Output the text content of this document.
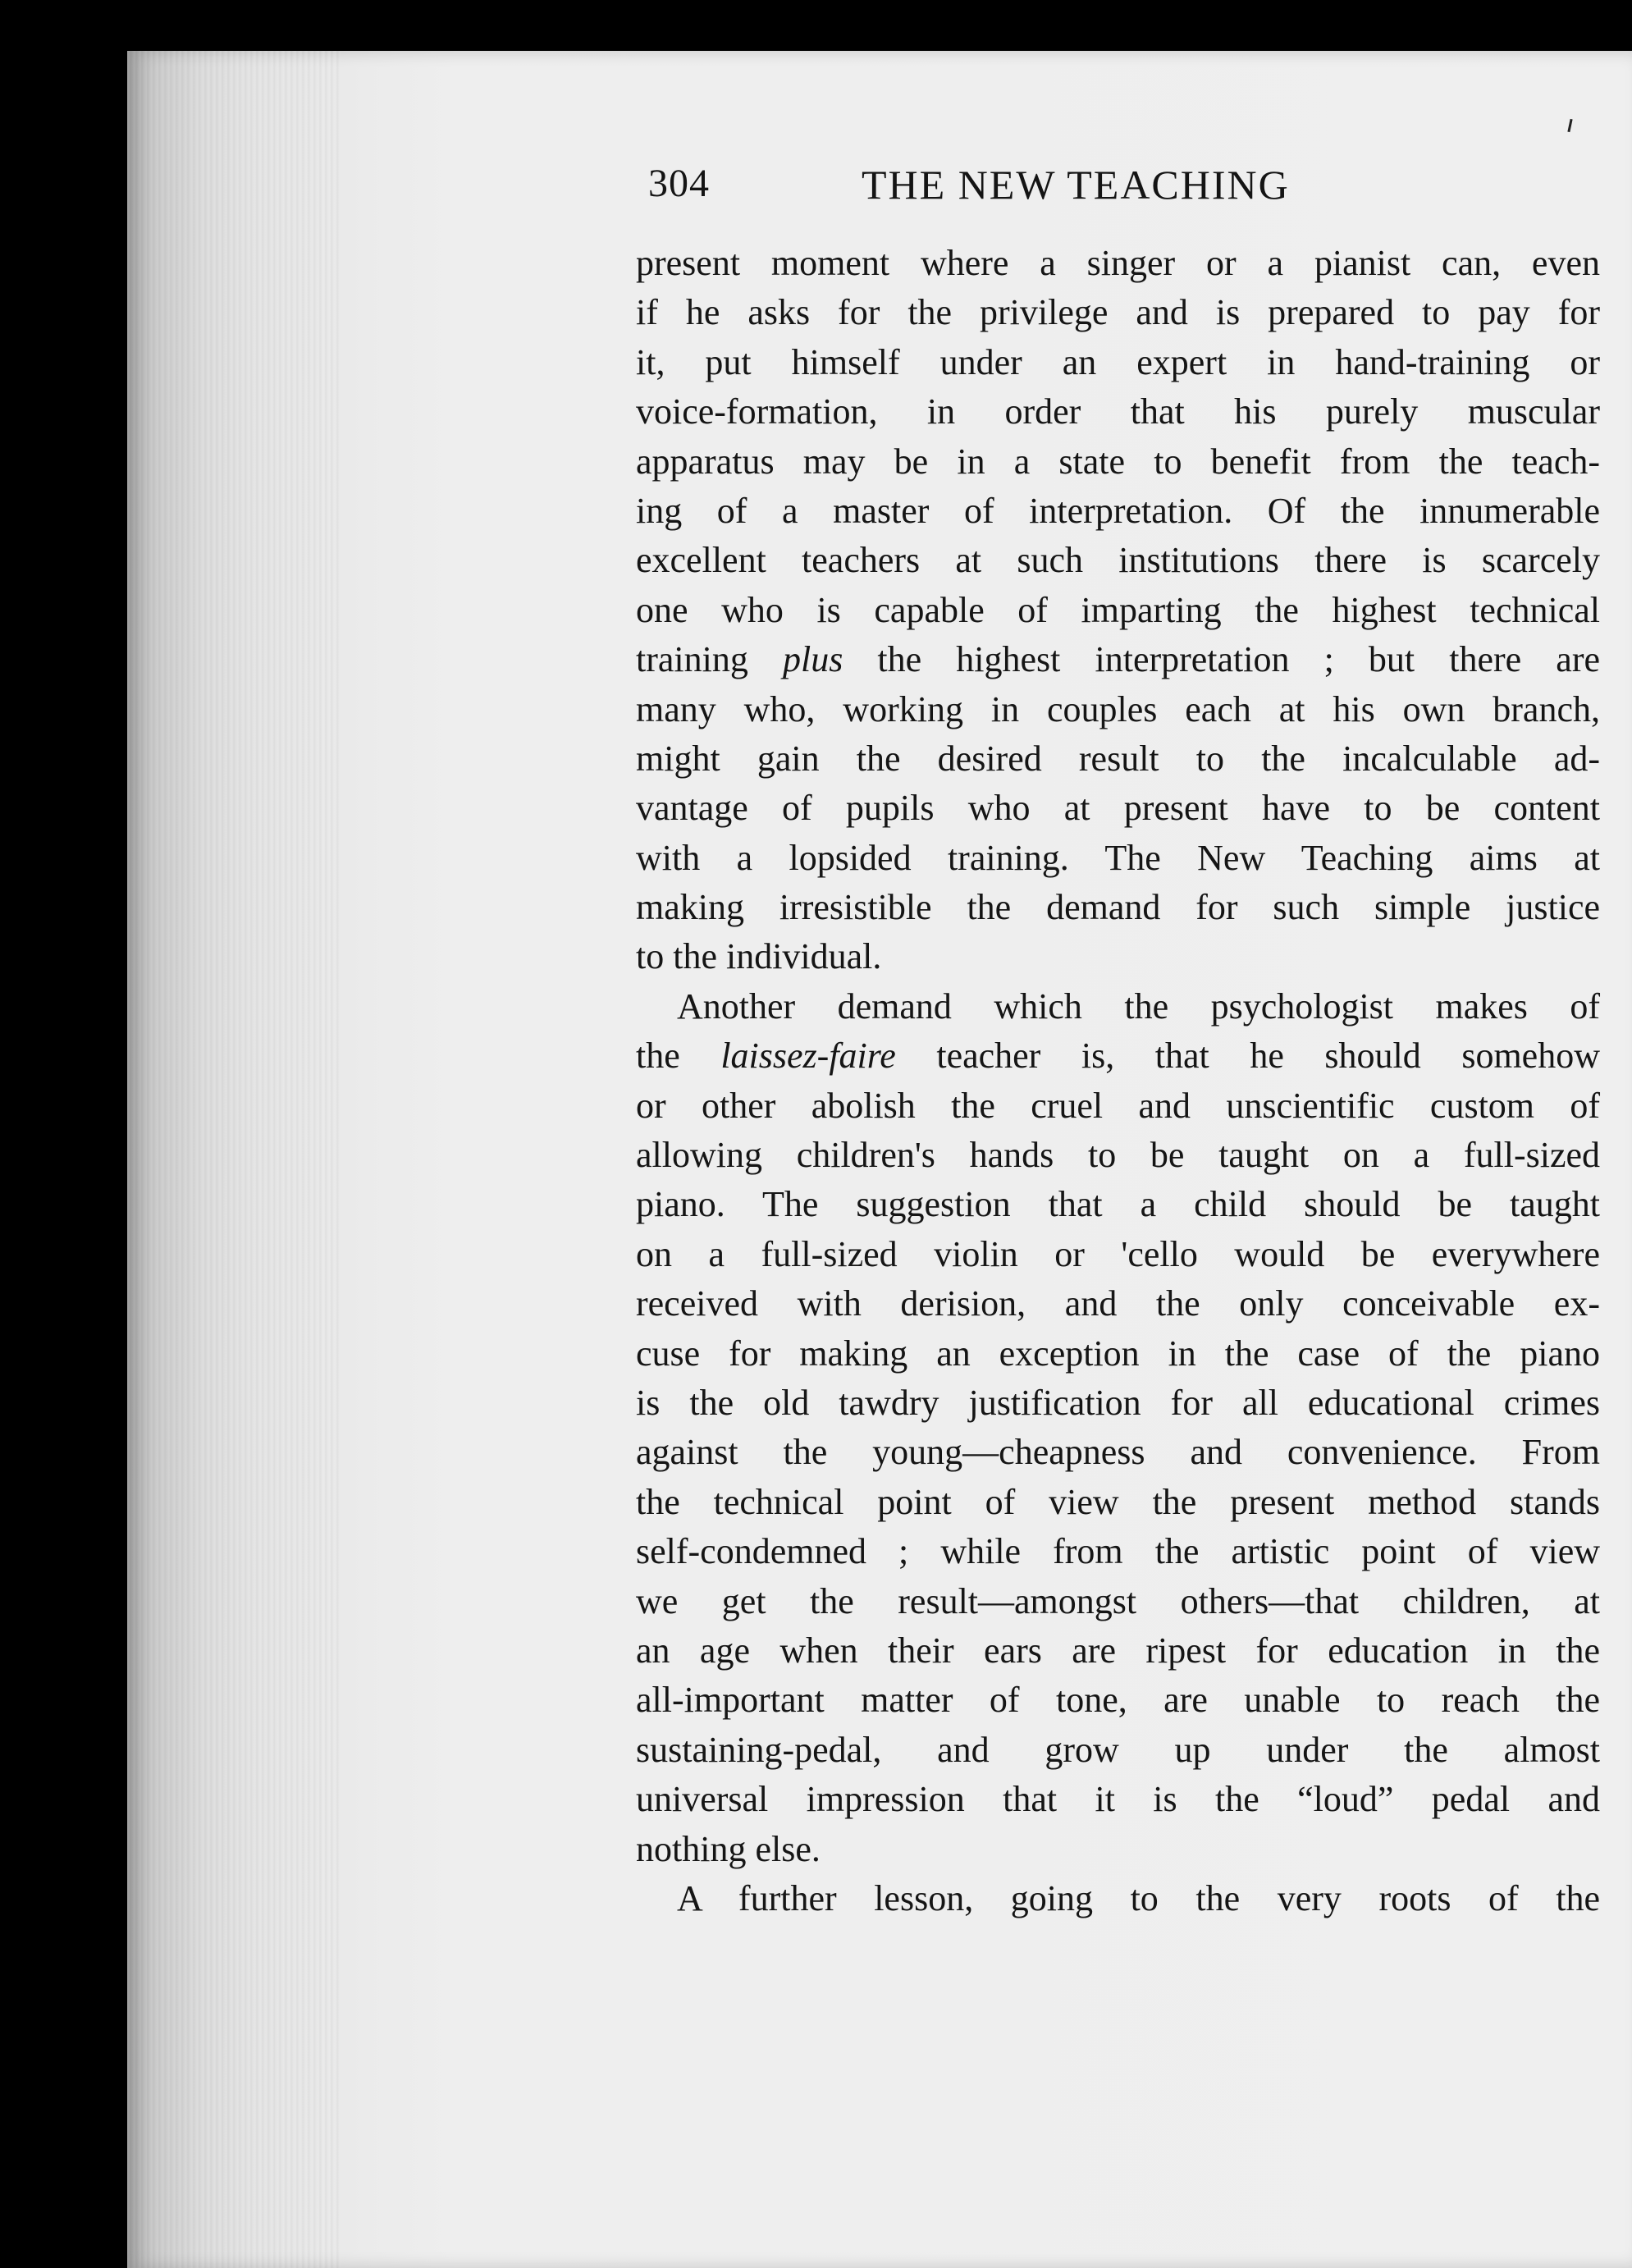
304	THE NEW TEACHING
present moment where a singer or a pianist can, even
if he asks for the privilege and is prepared to pay for
it, put himself under an expert in hand-training or
voice-formation, in order that his purely muscular
apparatus may be in a state to benefit from the teach-
ing of a master of interpretation. Of the innumerable
excellent teachers at such institutions there is scarcely
one who is capable of imparting the highest technical
training plus the highest interpretation ; but there are
many who, working in couples each at his own branch,
might gain the desired result to the incalculable ad-
vantage of pupils who at present have to be content
with a lopsided training. The New Teaching aims at
making irresistible the demand for such simple justice
to the individual.
Another demand which the psychologist makes of
the laissez-faire teacher is, that he should somehow
or other abolish the cruel and unscientific custom of
allowing children's hands to be taught on a full-sized
piano. The suggestion that a child should be taught
on a full-sized violin or 'cello would be everywhere
received with derision, and the only conceivable ex-
cuse for making an exception in the case of the piano
is the old tawdry justification for all educational crimes
against the young—cheapness and convenience. From
the technical point of view the present method stands
self-condemned ; while from the artistic point of view
we get the result—amongst others—that children, at
an age when their ears are ripest for education in the
all-important matter of tone, are unable to reach the
sustaining-pedal, and grow up under the almost
universal impression that it is the “loud” pedal and
nothing else.
A further lesson, going to the very roots of the
